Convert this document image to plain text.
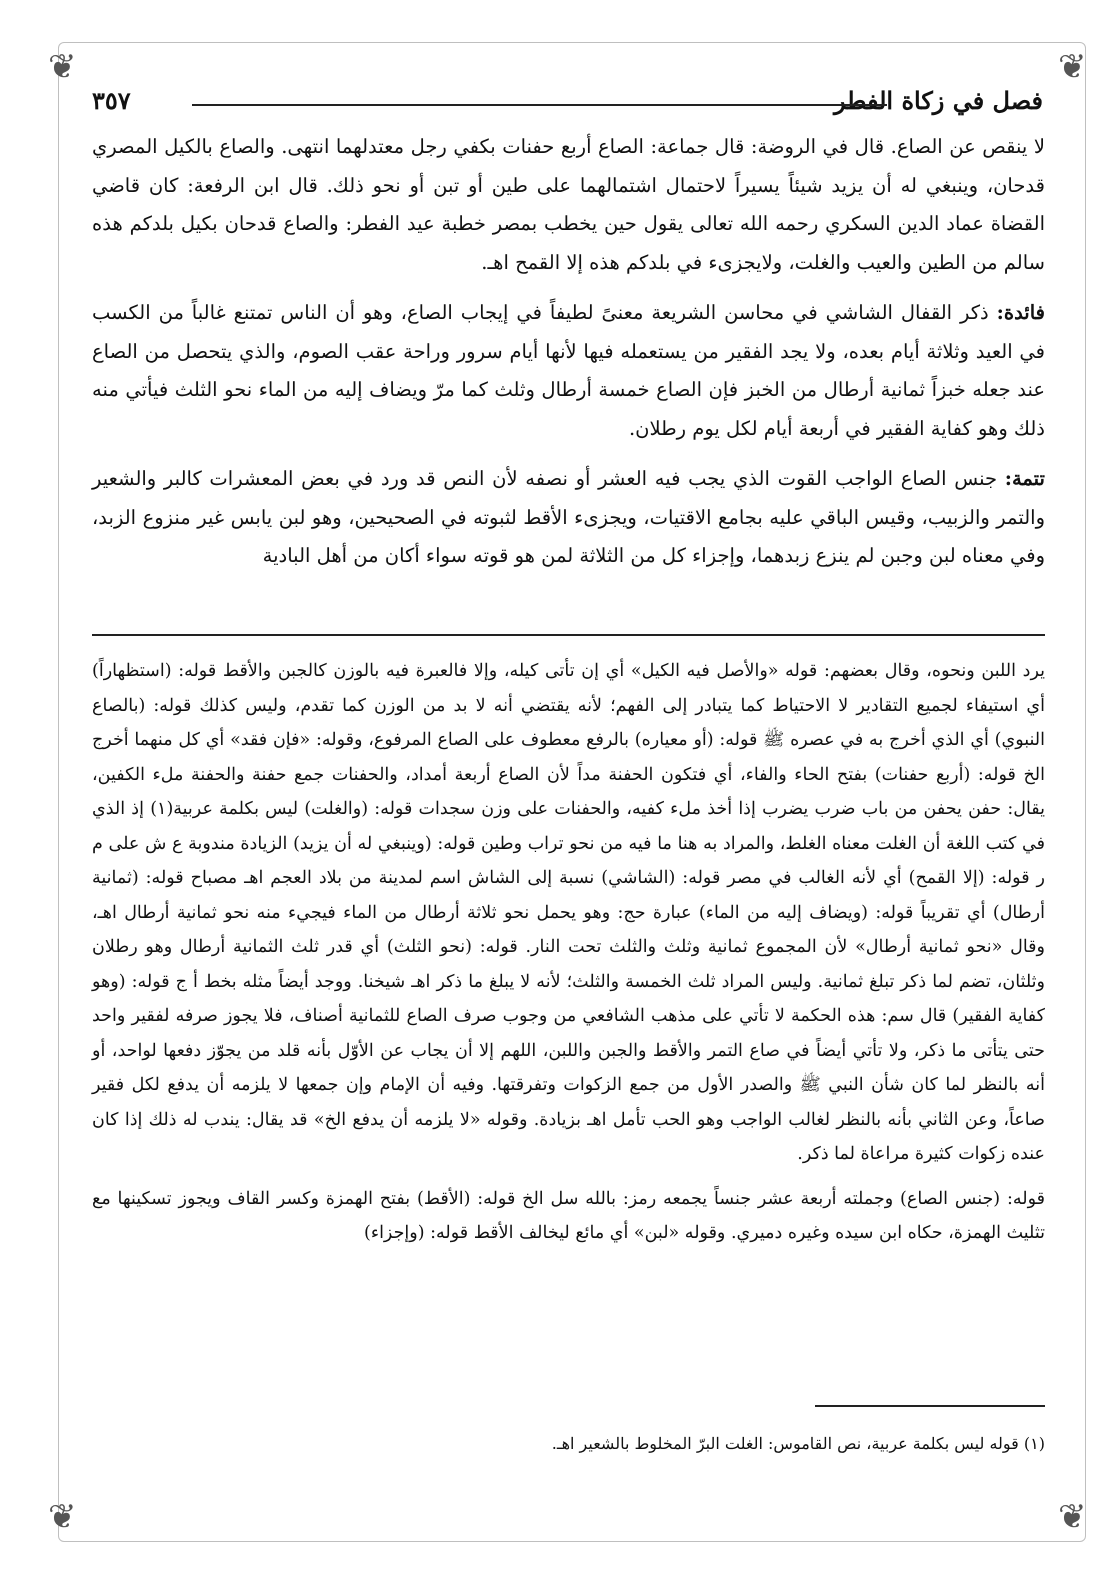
❦	❦
❦	❦
فصل في زكاة الفطر
٣٥٧

لا ينقص عن الصاع. قال في الروضة: قال جماعة: الصاع أربع حفنات بكفي رجل معتدلهما انتهى. والصاع بالكيل المصري قدحان، وينبغي له أن يزيد شيئاً يسيراً لاحتمال اشتمالهما على طين أو تبن أو نحو ذلك. قال ابن الرفعة: كان قاضي القضاة عماد الدين السكري رحمه الله تعالى يقول حين يخطب بمصر خطبة عيد الفطر: والصاع قدحان بكيل بلدكم هذه سالم من الطين والعيب والغلت، ولايجزىء في بلدكم هذه إلا القمح اهـ.

فائدة: ذكر القفال الشاشي في محاسن الشريعة معنىً لطيفاً في إيجاب الصاع، وهو أن الناس تمتنع غالباً من الكسب في العيد وثلاثة أيام بعده، ولا يجد الفقير من يستعمله فيها لأنها أيام سرور وراحة عقب الصوم، والذي يتحصل من الصاع عند جعله خبزاً ثمانية أرطال من الخبز فإن الصاع خمسة أرطال وثلث كما مرّ ويضاف إليه من الماء نحو الثلث فيأتي منه ذلك وهو كفاية الفقير في أربعة أيام لكل يوم رطلان.

تتمة: جنس الصاع الواجب القوت الذي يجب فيه العشر أو نصفه لأن النص قد ورد في بعض المعشرات كالبر والشعير والتمر والزبيب، وقيس الباقي عليه بجامع الاقتيات، ويجزىء الأقط لثبوته في الصحيحين، وهو لبن يابس غير منزوع الزبد، وفي معناه لبن وجبن لم ينزع زبدهما، وإجزاء كل من الثلاثة لمن هو قوته سواء أكان من أهل البادية

يرد اللبن ونحوه، وقال بعضهم: قوله «والأصل فيه الكيل» أي إن تأتى كيله، وإلا فالعبرة فيه بالوزن كالجبن والأقط قوله: (استظهاراً) أي استيفاء لجميع التقادير لا الاحتياط كما يتبادر إلى الفهم؛ لأنه يقتضي أنه لا بد من الوزن كما تقدم، وليس كذلك قوله: (بالصاع النبوي) أي الذي أخرج به في عصره ﷺ قوله: (أو معياره) بالرفع معطوف على الصاع المرفوع، وقوله: «فإن فقد» أي كل منهما أخرج الخ قوله: (أربع حفنات) بفتح الحاء والفاء، أي فتكون الحفنة مداً لأن الصاع أربعة أمداد، والحفنات جمع حفنة والحفنة ملء الكفين، يقال: حفن يحفن من باب ضرب يضرب إذا أخذ ملء كفيه، والحفنات على وزن سجدات قوله: (والغلت) ليس بكلمة عربية(١) إذ الذي في كتب اللغة أن الغلت معناه الغلط، والمراد به هنا ما فيه من نحو تراب وطين قوله: (وينبغي له أن يزيد) الزيادة مندوبة ع ش على م ر قوله: (إلا القمح) أي لأنه الغالب في مصر قوله: (الشاشي) نسبة إلى الشاش اسم لمدينة من بلاد العجم اهـ مصباح قوله: (ثمانية أرطال) أي تقريباً قوله: (ويضاف إليه من الماء) عبارة حج: وهو يحمل نحو ثلاثة أرطال من الماء فيجيء منه نحو ثمانية أرطال اهـ، وقال «نحو ثمانية أرطال» لأن المجموع ثمانية وثلث والثلث تحت النار. قوله: (نحو الثلث) أي قدر ثلث الثمانية أرطال وهو رطلان وثلثان، تضم لما ذكر تبلغ ثمانية. وليس المراد ثلث الخمسة والثلث؛ لأنه لا يبلغ ما ذكر اهـ شيخنا. ووجد أيضاً مثله بخط أ ج قوله: (وهو كفاية الفقير) قال سم: هذه الحكمة لا تأتي على مذهب الشافعي من وجوب صرف الصاع للثمانية أصناف، فلا يجوز صرفه لفقير واحد حتى يتأتى ما ذكر، ولا تأتي أيضاً في صاع التمر والأقط والجبن واللبن، اللهم إلا أن يجاب عن الأوّل بأنه قلد من يجوّز دفعها لواحد، أو أنه بالنظر لما كان شأن النبي ﷺ والصدر الأول من جمع الزكوات وتفرقتها. وفيه أن الإمام وإن جمعها لا يلزمه أن يدفع لكل فقير صاعاً، وعن الثاني بأنه بالنظر لغالب الواجب وهو الحب تأمل اهـ بزيادة. وقوله «لا يلزمه أن يدفع الخ» قد يقال: يندب له ذلك إذا كان عنده زكوات كثيرة مراعاة لما ذكر.

قوله: (جنس الصاع) وجملته أربعة عشر جنساً يجمعه رمز: بالله سل الخ قوله: (الأقط) بفتح الهمزة وكسر القاف ويجوز تسكينها مع تثليث الهمزة، حكاه ابن سيده وغيره دميري. وقوله «لبن» أي مائع ليخالف الأقط قوله: (وإجزاء)

(١) قوله ليس بكلمة عربية، نص القاموس: الغلت البرّ المخلوط بالشعير اهـ.
